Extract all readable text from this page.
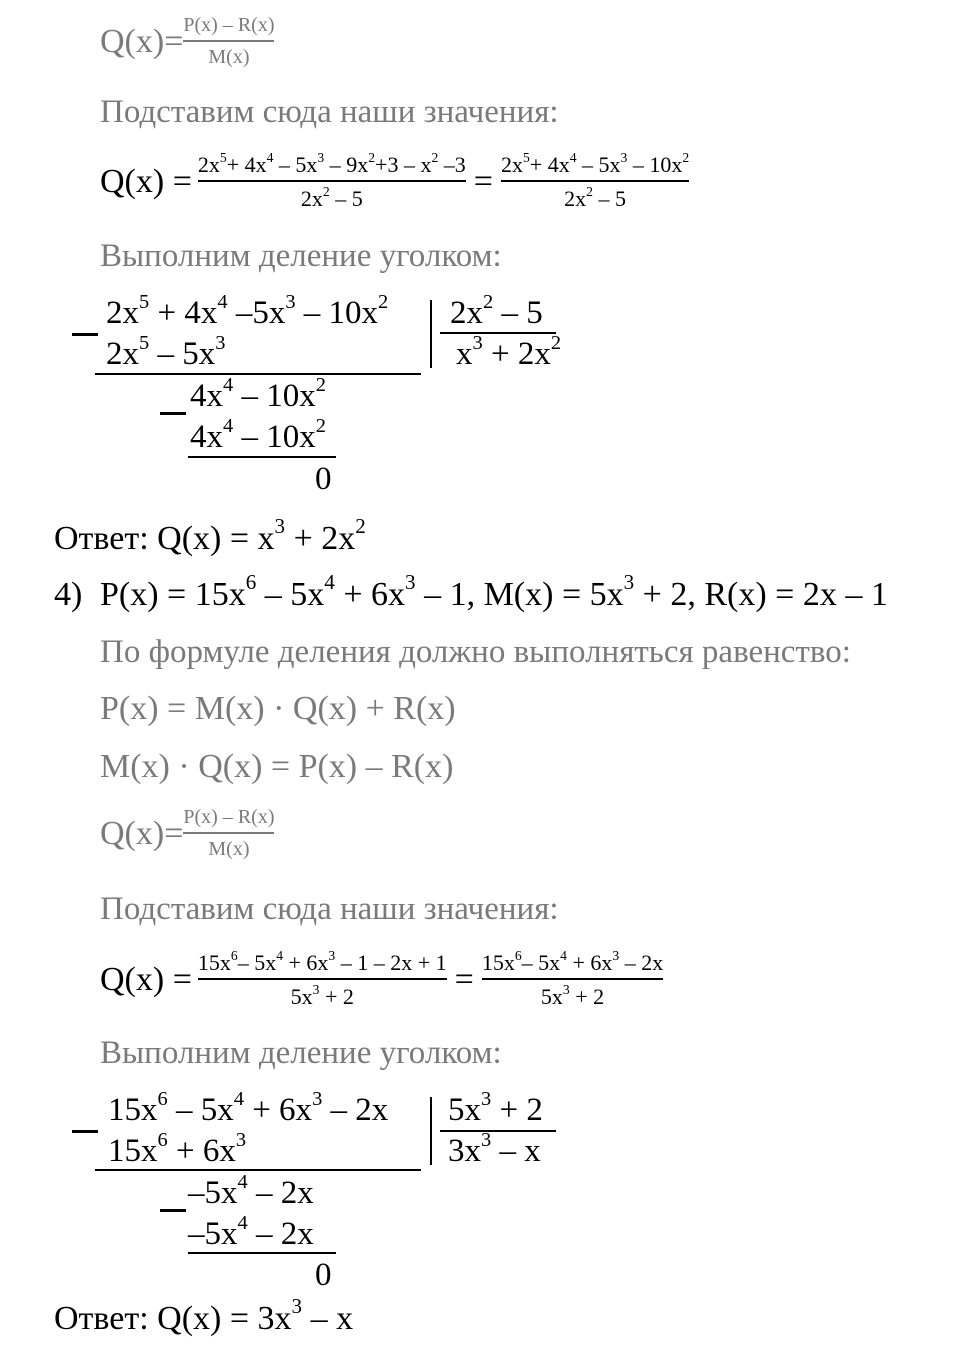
$Q(x)= \frac{P(x) - R(x)}{M(x)}$
Подставим сюда наши значения:
$Q(x) = \frac{2x^5+ 4x^4 - 5x^3 - 9x^2+3 - x^2 -3}{2x^2 - 5} = \frac{2x^5+ 4x^4 - 5x^3 - 10x^2}{2x^2 - 5}$
Выполним деление уголком:
$2x^5 + 4x^4$ $-5x^3 - 10x^2$
$2x^5 - 5x^3$
$4x^4 - 10x^2$
$4x^4 - 10x^2$
0
$2x^2 - 5$
$x^3 + 2x^2$
Ответ: $Q(x) = x^3 + 2x^2$
4) $P(x) = 15x^6 - 5x^4 + 6x^3 - 1$, $M(x) = 5x^3 + 2$, R(x) = 2x – 1
По формуле деления должно выполняться равенство:
P(x) = M(x) · Q(x) + R(x)
M(x) · Q(x) = P(x) – R(x)
$Q(x)= \frac{P(x) - R(x)}{M(x)}$
Подставим сюда наши значения:
$Q(x) = \frac{15x^6- 5x^4 + 6x^3 - 1 - 2x + 1}{5x^3 + 2} = \frac{15x^6- 5x^4 + 6x^3 - 2x}{5x^3 + 2}$
Выполним деление уголком:
$15x^6 - 5x^4 + 6x^3 - 2x$
$15x^6 + 6x^3$
$-5x^4 - 2x$
$-5x^4 - 2x$
0
$5x^3 + 2$
$3x^3$ – x
Ответ: $Q(x) = 3x^3 - x$
